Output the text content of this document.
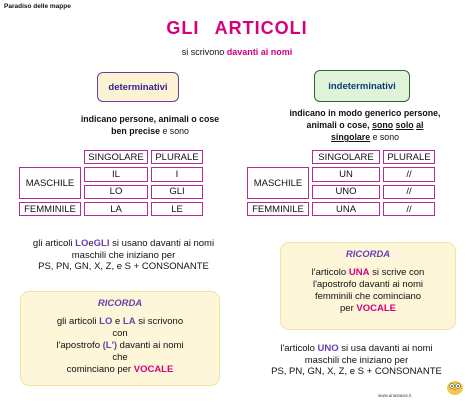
Paradiso delle mappe
GLI ARTICOLI
si scrivono davanti ai nomi
determinativi	indeterminativi
indicano persone, animali o cose
ben precise e sono
indicano in modo generico persone,
animali o cose, sono solo al
singolare e sono
	SINGOLARE	PLURALE
MASCHILE	IL	I
	LO	GLI
FEMMINILE	LA	LE
	SINGOLARE	PLURALE
MASCHILE	UN	//
	UNO	//
FEMMINILE	UNA	//
gli articoli LOeGLI si usano davanti ai nomi
maschili che iniziano per
PS, PN, GN, X, Z, e S + CONSONANTE
RICORDA
gli articoli LO e LA si scrivono
con
l'apostrofo (L') davanti ai nomi
che
cominciano per VOCALE
RICORDA
l'articolo UNA si scrive con
l'apostrofo davanti ai nomi
femminili che cominciano
per VOCALE
l'articolo UNO si usa davanti ai nomi
maschili che iniziano per
PS, PN, GN, X, Z, e S + CONSONANTE
www.anastasis.it
